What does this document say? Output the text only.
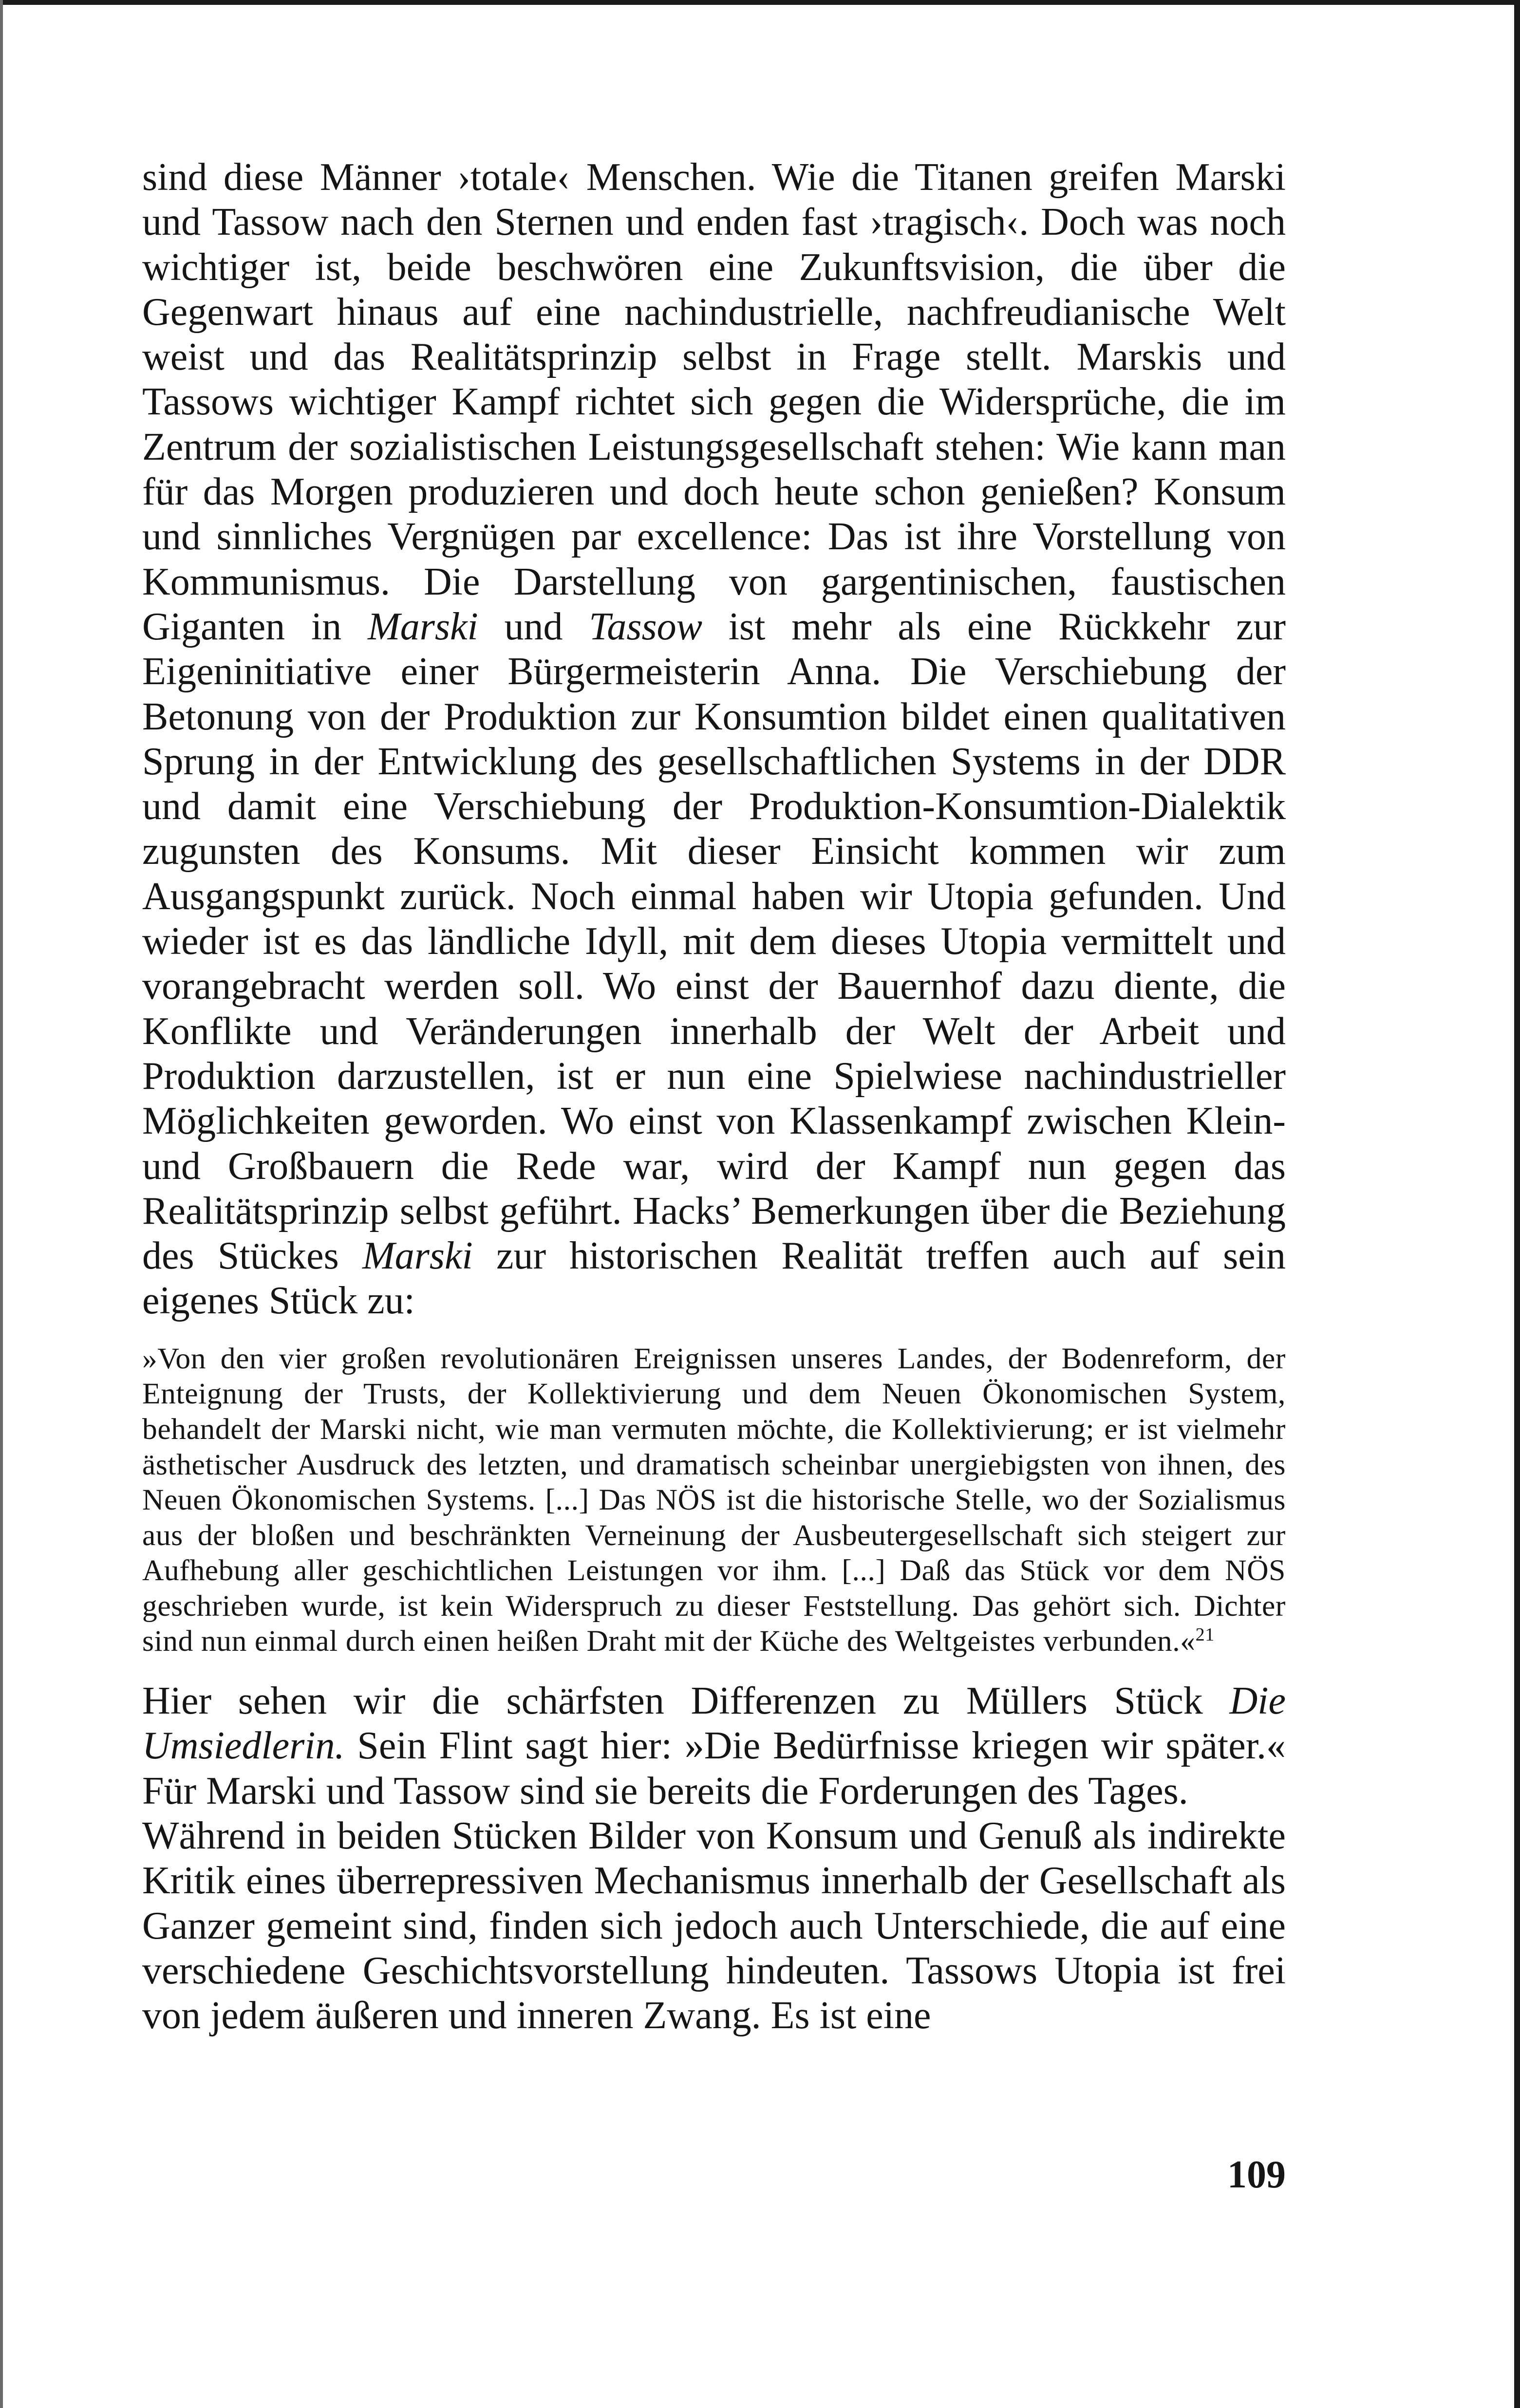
sind diese Männer ›totale‹ Menschen. Wie die Titanen greifen Marski und Tassow nach den Sternen und enden fast ›tragisch‹. Doch was noch wichtiger ist, beide beschwören eine Zukunftsvision, die über die Gegenwart hinaus auf eine nachindustrielle, nachfreudianische Welt weist und das Realitätsprinzip selbst in Frage stellt. Marskis und Tassows wichtiger Kampf richtet sich gegen die Widersprüche, die im Zentrum der sozialistischen Leistungsgesellschaft stehen: Wie kann man für das Morgen produzieren und doch heute schon genießen? Konsum und sinnliches Vergnügen par excellence: Das ist ihre Vorstellung von Kommunismus. Die Darstellung von gargentinischen, faustischen Giganten in Marski und Tassow ist mehr als eine Rückkehr zur Eigeninitiative einer Bürgermeisterin Anna. Die Verschiebung der Betonung von der Produktion zur Konsumtion bildet einen qualitativen Sprung in der Entwicklung des gesellschaftlichen Systems in der DDR und damit eine Verschiebung der Produktion-Konsumtion-Dialektik zugunsten des Konsums. Mit dieser Einsicht kommen wir zum Ausgangspunkt zurück. Noch einmal haben wir Utopia gefunden. Und wieder ist es das ländliche Idyll, mit dem dieses Utopia vermittelt und vorangebracht werden soll. Wo einst der Bauernhof dazu diente, die Konflikte und Veränderungen innerhalb der Welt der Arbeit und Produktion darzustellen, ist er nun eine Spielwiese nachindustrieller Möglichkeiten geworden. Wo einst von Klassenkampf zwischen Klein- und Großbauern die Rede war, wird der Kampf nun gegen das Realitätsprinzip selbst geführt. Hacks’ Bemerkungen über die Beziehung des Stückes Marski zur historischen Realität treffen auch auf sein eigenes Stück zu:

»Von den vier großen revolutionären Ereignissen unseres Landes, der Bodenreform, der Enteignung der Trusts, der Kollektivierung und dem Neuen Ökonomischen System, behandelt der Marski nicht, wie man vermuten möchte, die Kollektivierung; er ist vielmehr ästhetischer Ausdruck des letzten, und dramatisch scheinbar unergiebigsten von ihnen, des Neuen Ökonomischen Systems. [...] Das NÖS ist die historische Stelle, wo der Sozialismus aus der bloßen und beschränkten Verneinung der Ausbeutergesellschaft sich steigert zur Aufhebung aller geschichtlichen Leistungen vor ihm. [...] Daß das Stück vor dem NÖS geschrieben wurde, ist kein Widerspruch zu dieser Feststellung. Das gehört sich. Dichter sind nun einmal durch einen heißen Draht mit der Küche des Weltgeistes verbunden.«$^{21}$

Hier sehen wir die schärfsten Differenzen zu Müllers Stück Die Umsiedlerin. Sein Flint sagt hier: »Die Bedürfnisse kriegen wir später.« Für Marski und Tassow sind sie bereits die Forderungen des Tages.

Während in beiden Stücken Bilder von Konsum und Genuß als indirekte Kritik eines überrepressiven Mechanismus innerhalb der Gesellschaft als Ganzer gemeint sind, finden sich jedoch auch Unterschiede, die auf eine verschiedene Geschichtsvorstellung hindeuten. Tassows Utopia ist frei von jedem äußeren und inneren Zwang. Es ist eine

109
